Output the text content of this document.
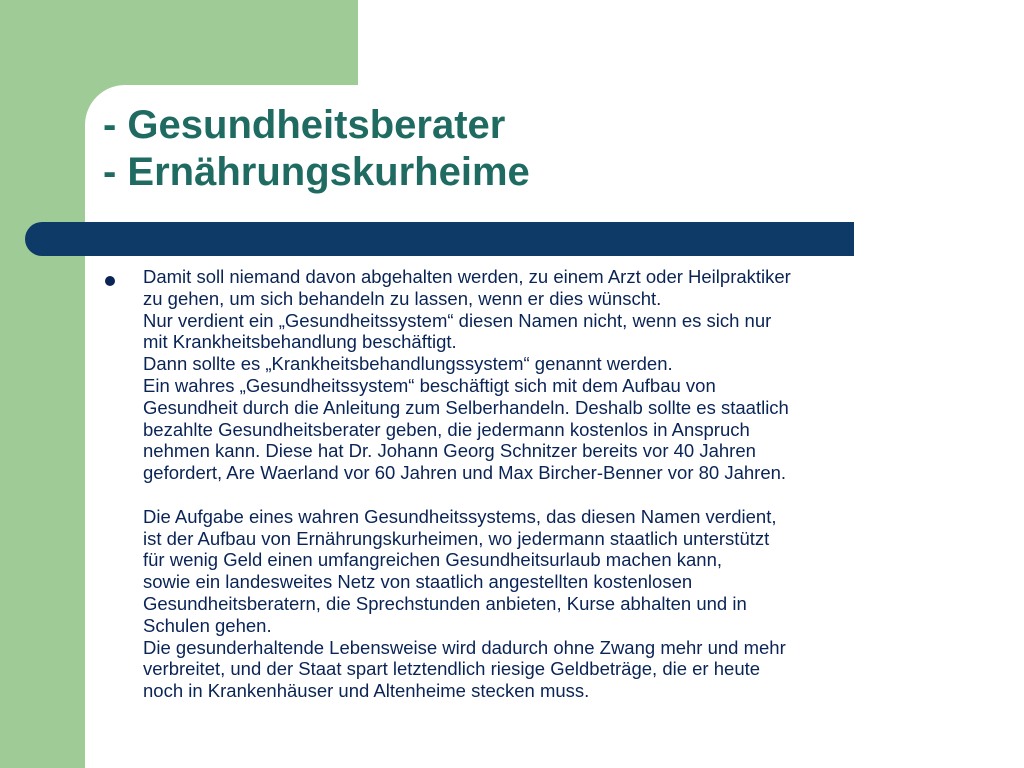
- Gesundheitsberater
- Ernährungskurheime
Damit soll niemand davon abgehalten werden, zu einem Arzt oder Heilpraktiker
zu gehen, um sich behandeln zu lassen, wenn er dies wünscht.
Nur verdient ein „Gesundheitssystem“ diesen Namen nicht, wenn es sich nur
mit Krankheitsbehandlung beschäftigt.
Dann sollte es „Krankheitsbehandlungssystem“ genannt werden.
Ein wahres „Gesundheitssystem“ beschäftigt sich mit dem Aufbau von
Gesundheit durch die Anleitung zum Selberhandeln. Deshalb sollte es staatlich
bezahlte Gesundheitsberater geben, die jedermann kostenlos in Anspruch
nehmen kann. Diese hat Dr. Johann Georg Schnitzer bereits vor 40 Jahren
gefordert, Are Waerland vor 60 Jahren und Max Bircher-Benner vor 80 Jahren.
Die Aufgabe eines wahren Gesundheitssystems, das diesen Namen verdient,
ist der Aufbau von Ernährungskurheimen, wo jedermann staatlich unterstützt
für wenig Geld einen umfangreichen Gesundheitsurlaub machen kann,
sowie ein landesweites Netz von staatlich angestellten kostenlosen
Gesundheitsberatern, die Sprechstunden anbieten, Kurse abhalten und in
Schulen gehen.
Die gesunderhaltende Lebensweise wird dadurch ohne Zwang mehr und mehr
verbreitet, und der Staat spart letztendlich riesige Geldbeträge, die er heute
noch in Krankenhäuser und Altenheime stecken muss.
